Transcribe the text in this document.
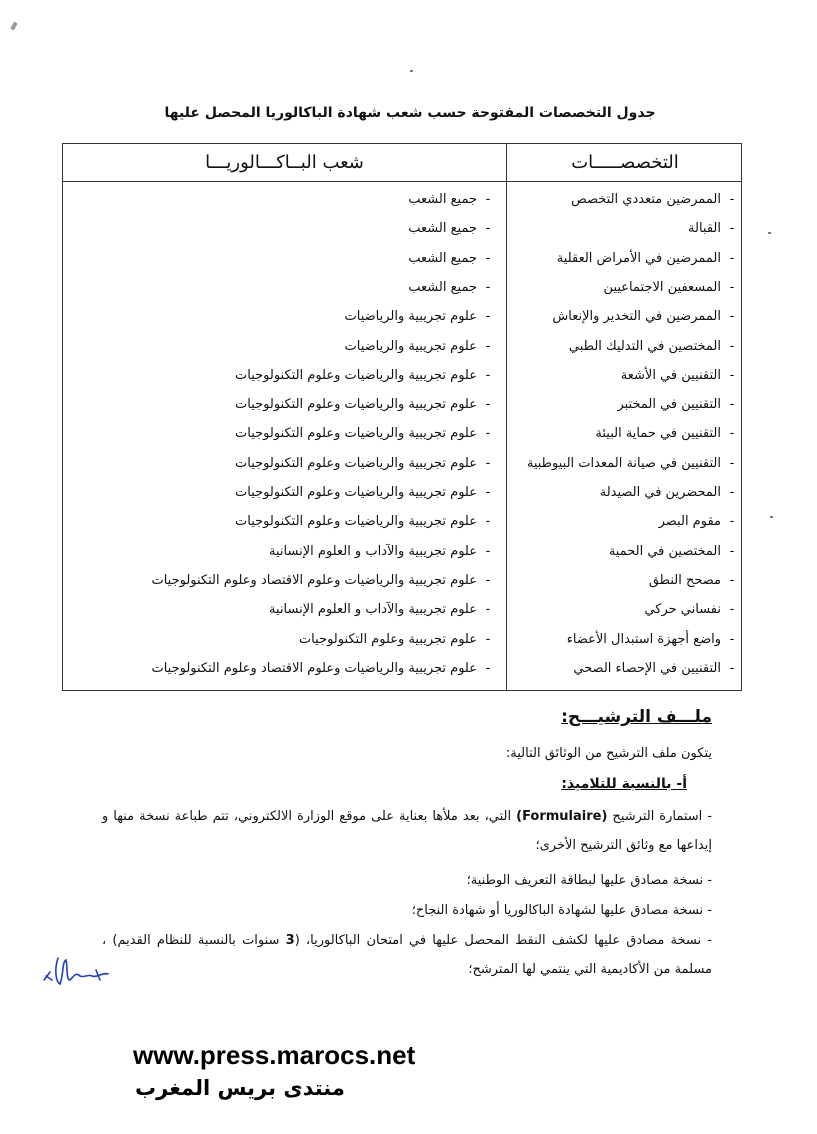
جدول التخصصات المفتوحة حسب شعب شهادة الباكالوريا المحصل عليها
التخصصـــــات
شعب البــاكـــالوريـــا
-الممرضين متعددي التخصص
-جميع الشعب
-القبالة
-جميع الشعب
-الممرضين في الأمراض العقلية
-جميع الشعب
-المسعفين الاجتماعيين
-جميع الشعب
-الممرضين في التخدير والإنعاش
-علوم تجريبية والرياضيات
-المختصين في التدليك الطبي
-علوم تجريبية والرياضيات
-التقنيين في الأشعة
-علوم تجريبية والرياضيات وعلوم التكنولوجيات
-التقنيين في المختبر
-علوم تجريبية والرياضيات وعلوم التكنولوجيات
-التقنيين في حماية البيئة
-علوم تجريبية والرياضيات وعلوم التكنولوجيات
-التقنيين في صيانة المعدات البيوطبية
-علوم تجريبية والرياضيات وعلوم التكنولوجيات
-المحضرين في الصيدلة
-علوم تجريبية والرياضيات وعلوم التكنولوجيات
-مقوم البصر
-علوم تجريبية والرياضيات وعلوم التكنولوجيات
-المختصين في الحمية
-علوم تجريبية والآداب و العلوم الإنسانية
-مصحح النطق
-علوم تجريبية والرياضيات وعلوم الاقتصاد وعلوم التكنولوجيات
-نفساني حركي
-علوم تجريبية والآداب و العلوم الإنسانية
-واضع أجهزة استبدال الأعضاء
-علوم تجريبية وعلوم التكنولوجيات
-التقنيين في الإحصاء الصحي
-علوم تجريبية والرياضيات وعلوم الاقتصاد وعلوم التكنولوجيات
ملـــف الترشيـــح:
يتكون ملف الترشيح من الوثائق التالية:
أ- بالنسبة للتلاميذ:
- استمارة الترشيح (Formulaire) التي، بعد ملأها بعناية على موقع الوزارة الالكتروني، تتم طباعة نسخة منها و إيداعها مع وثائق الترشيح الأخرى؛
- نسخة مصادق عليها لبطاقة التعريف الوطنية؛
- نسخة مصادق عليها لشهادة الباكالوريا أو شهادة النجاح؛
- نسخة مصادق عليها لكشف النقط المحصل عليها في امتحان الباكالوريا، (3 سنوات بالنسبة للنظام القديم) ، مسلمة من الأكاديمية التي ينتمي لها المترشح؛
www.press.marocs.net
منتدى بريس المغرب
